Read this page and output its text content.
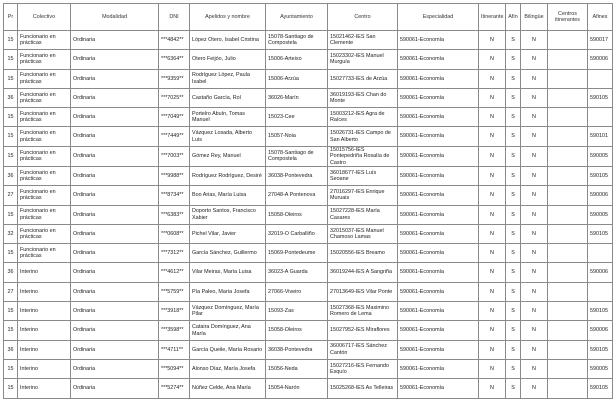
Pr	Colectivo	Modalidad	DNI	Apelidos y nombre	Ayuntamiento	Centro	Especialidad	Itinerante	Afín	Bilingüe	Centros itinerantes	Afines
15	Funcionario en prácticas	Ordinaria	***4842**	López Otero, Isabel Cristina	15078-Santiago de Compostela	15021462-IES San Clemente	590061-Economía	N	S	N		590017
15	Funcionario en prácticas	Ordinaria	***6364**	Otero Feijóo, Julio	15006-Arteixo	15023302-IES Manuel Murguía	590061-Economía	N	S	N		590006
15	Funcionario en prácticas	Ordinaria	***9359**	Rodríguez López, Paula Isabel	15006-Arzúa	15027733-IES de Arzúa	590061-Economía	N	S	N		
36	Funcionario en prácticas	Ordinaria	***7025**	Castaño García, Rol	36026-Marín	36019193-IES Chan do Monte	590061-Economía	N	S	N		590105
15	Funcionario en prácticas	Ordinaria	***7049**	Portelro Abuín, Tomas Manuel	15023-Cee	15003212-IES Agra de Raíces	590061-Economía	N	S	N		
15	Funcionario en prácticas	Ordinaria	***7449**	Vázquez Losada, Alberto Luis	15057-Noia	15026731-IES Campo de San Alberto	590061-Economía	N	S	N		590101
15	Funcionario en prácticas	Ordinaria	***7003**	Gómez Rey, Manuel	15078-Santiago de Compostela	15015756-IES Pontepedriña Rosalía de Castro	590061-Economía	N	S	N		590005
36	Funcionario en prácticas	Ordinaria	***9988**	Rodríguez Rodríguez, Desiré	36038-Pontevedra	36018677-IES Luís Seoane	590061-Economía	N	S	N		590105
27	Funcionario en prácticas	Ordinaria	***8734**	Boo Arias, María Luisa	27048-A Pontenova	27016297-IES Enrique Muruais	590061-Economía	N	S	N		590006
15	Funcionario en prácticas	Ordinaria	***6383**	Doporto Santos, Francisco Xabier	15058-Oleiros	15027228-IES María Casares	590061-Economía	N	S	N		590005
32	Funcionario en prácticas	Ordinaria	***0608**	Pichel Vilar, Javier	32019-O Carballiño	32015037-IES Manuel Chamoso Lamas	590061-Economía	N	S	N		590105
15	Funcionario en prácticas	Ordinaria	***7312**	García Sánchez, Guillermo	15069-Pontedeume	15020556-IES Breamo	590061-Economía	N	S	N		
36	Interino	Ordinaria	***4612**	Vilar Meiras, María Luisa	36023-A Guarda	36019244-IES A Sangriña	590061-Economía	N	S	N		590006
27	Interino	Ordinaria	***5759**	Pía Paleo, María Josefa	27066-Viveiro	27013649-IES Vilar Ponte	590061-Economía	N	S	N		
15	Interino	Ordinaria	***3918**	Vázquez Domínguez, María Pilar	15093-Zas	15027368-IES Maximino Romero de Lema	590061-Economía	N	S	N		590105
15	Interino	Ordinaria	***3598**	Cataira Domínguez, Ana María	15058-Oleiros	15027952-IES Miraflores	590061-Economía	N	S	N		590006
36	Interino	Ordinaria	***4711**	García Queile, María Rosario	36038-Pontevedra	36006717-IES Sánchez Cantón	590061-Economía	N	S	N		590105
15	Interino	Ordinaria	***5094**	Alonso Díaz, María Josefa	15056-Neda	15027216-IES Fernando Esquío	590061-Economía	N	S	N		590005
15	Interino	Ordinaria	***5274**	Núñez Celde, Ana María	15054-Narón	15025268-IES As Telleiras	590061-Economía	N	S	N		590105
